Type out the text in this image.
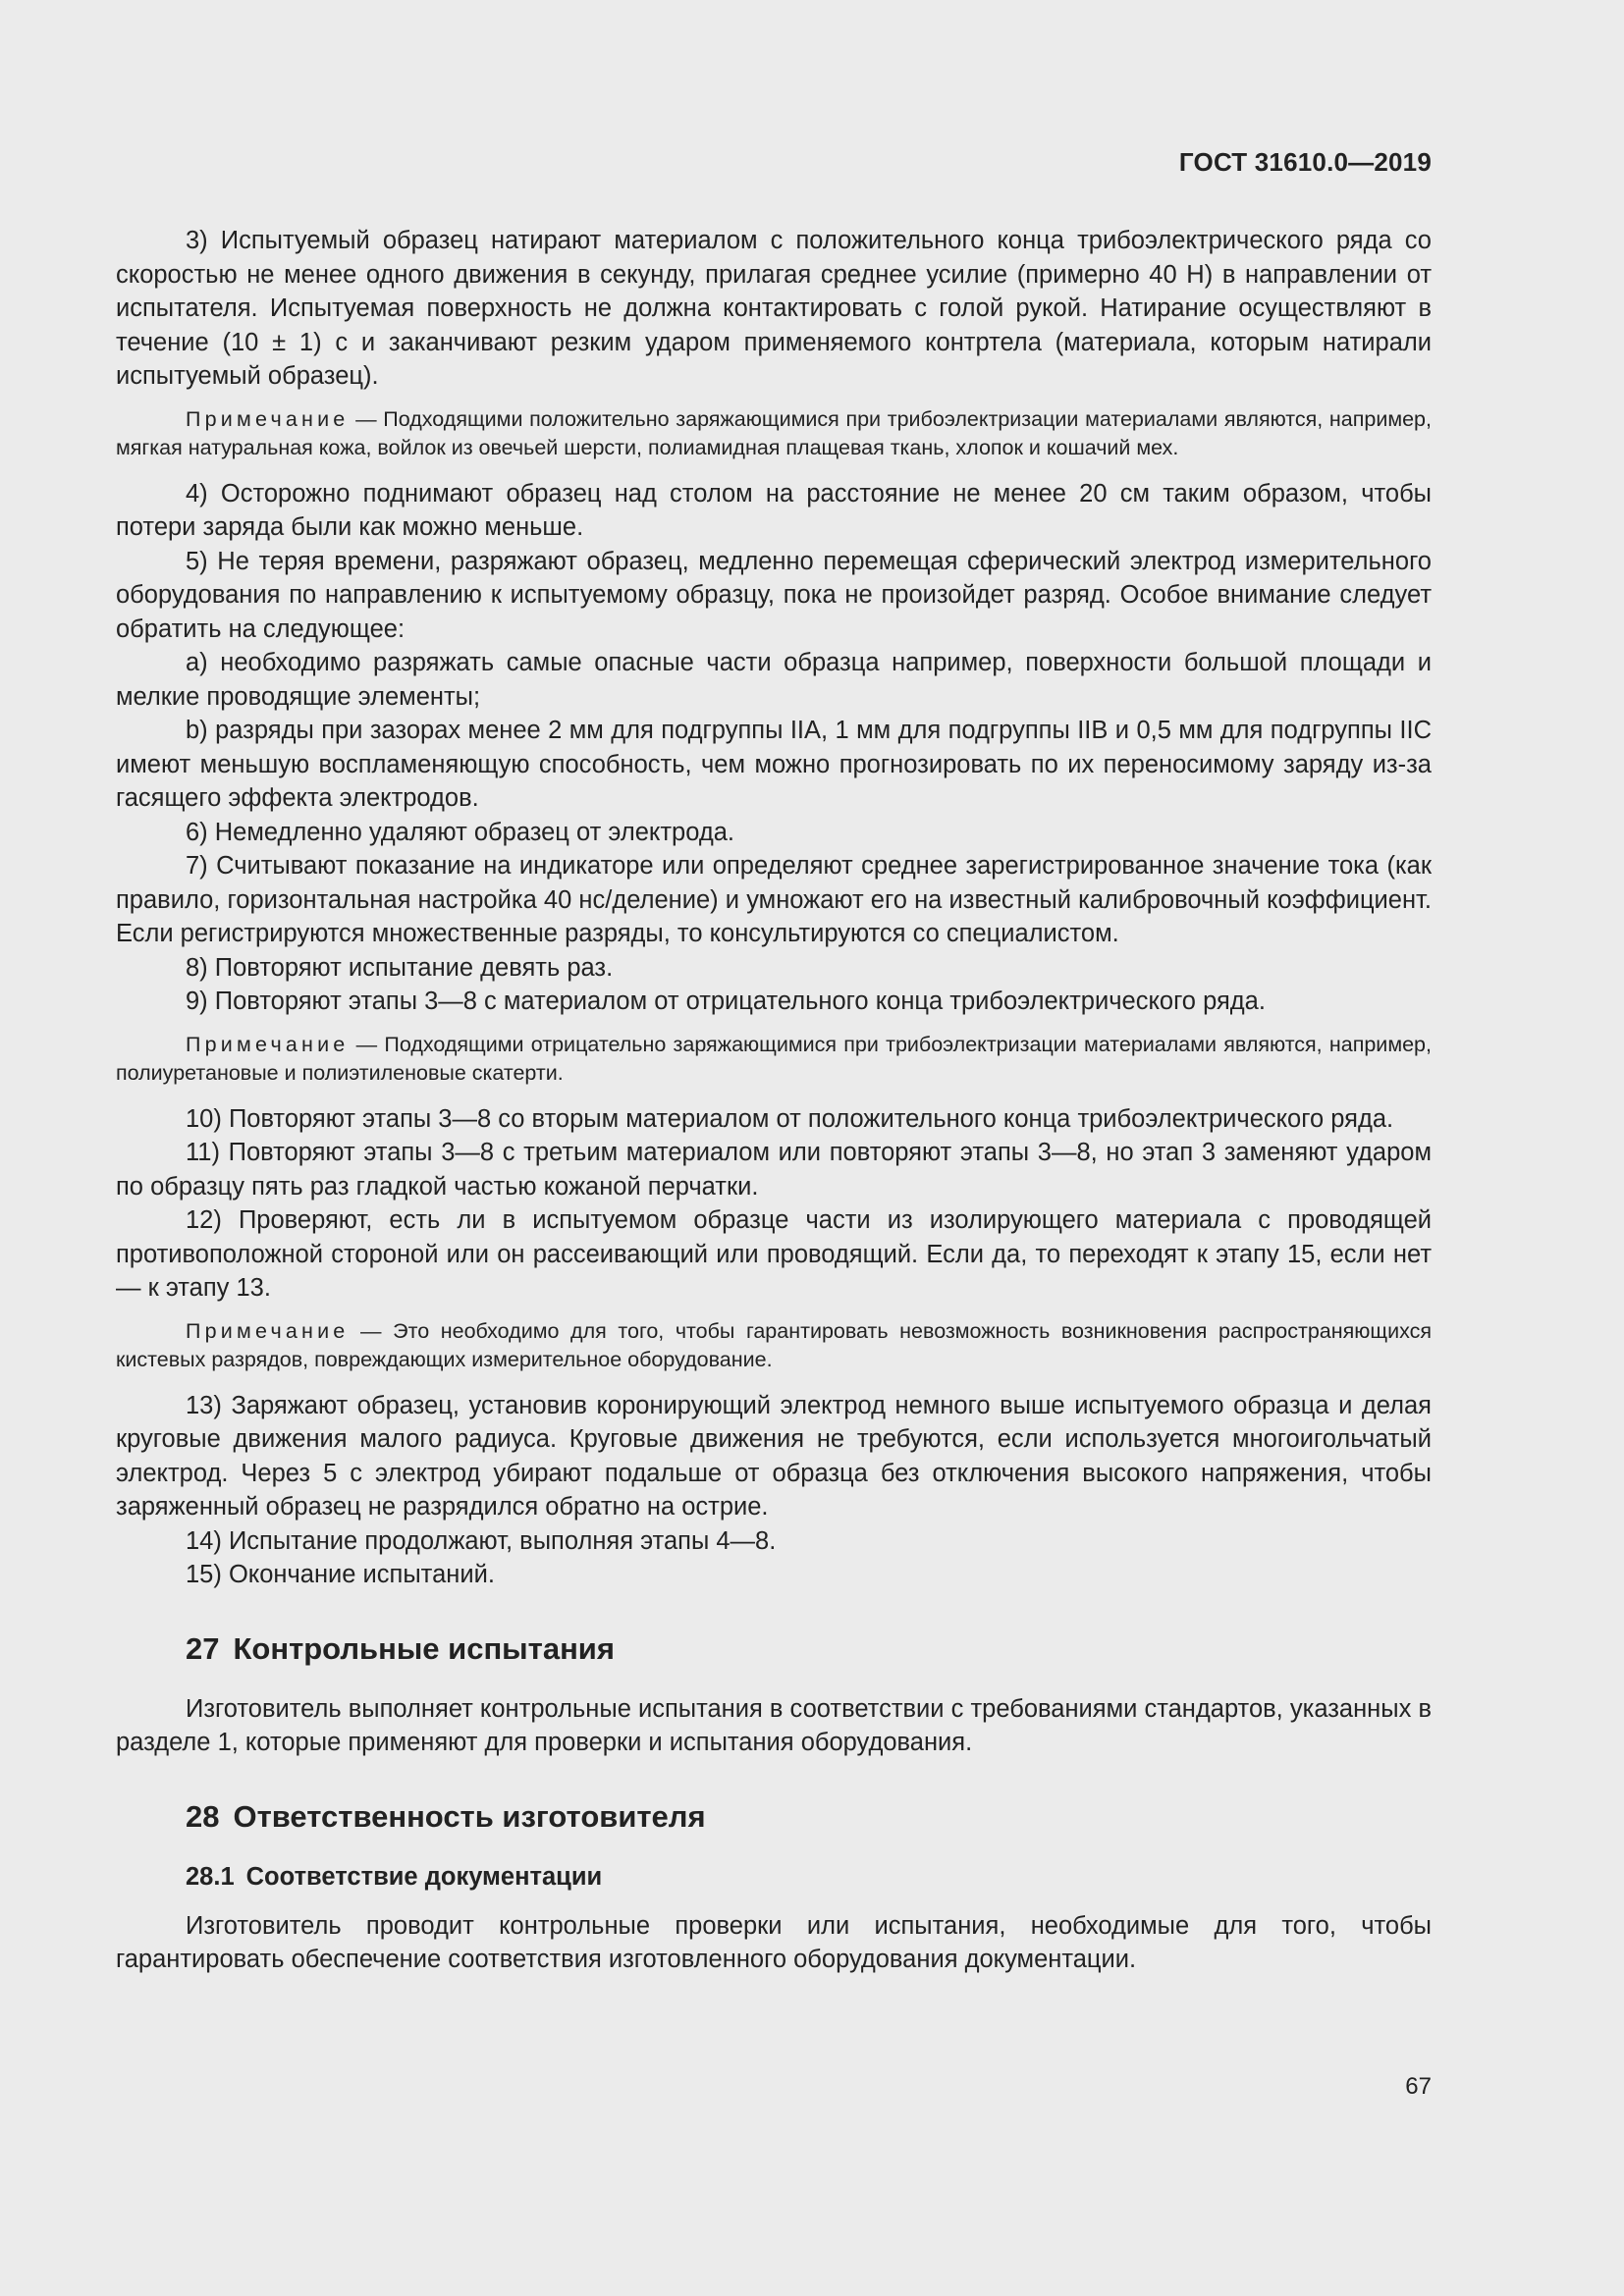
ГОСТ 31610.0—2019

3) Испытуемый образец натирают материалом с положительного конца трибоэлектрического ряда со скоростью не менее одного движения в секунду, прилагая среднее усилие (примерно 40 Н) в направлении от испытателя. Испытуемая поверхность не должна контактировать с голой рукой. Натирание осуществляют в течение (10 ± 1) с и заканчивают резким ударом применяемого контртела (материала, которым натирали испытуемый образец).

Примечание — Подходящими положительно заряжающимися при трибоэлектризации материалами являются, например, мягкая натуральная кожа, войлок из овечьей шерсти, полиамидная плащевая ткань, хлопок и кошачий мех.

4) Осторожно поднимают образец над столом на расстояние не менее 20 см таким образом, чтобы потери заряда были как можно меньше.

5) Не теряя времени, разряжают образец, медленно перемещая сферический электрод измерительного оборудования по направлению к испытуемому образцу, пока не произойдет разряд. Особое внимание следует обратить на следующее:

a) необходимо разряжать самые опасные части образца например, поверхности большой площади и мелкие проводящие элементы;

b) разряды при зазорах менее 2 мм для подгруппы IIA, 1 мм для подгруппы IIB и 0,5 мм для подгруппы IIC имеют меньшую воспламеняющую способность, чем можно прогнозировать по их переносимому заряду из-за гасящего эффекта электродов.

6) Немедленно удаляют образец от электрода.

7) Считывают показание на индикаторе или определяют среднее зарегистрированное значение тока (как правило, горизонтальная настройка 40 нс/деление) и умножают его на известный калибровочный коэффициент. Если регистрируются множественные разряды, то консультируются со специалистом.

8) Повторяют испытание девять раз.

9) Повторяют этапы 3—8 с материалом от отрицательного конца трибоэлектрического ряда.

Примечание — Подходящими отрицательно заряжающимися при трибоэлектризации материалами являются, например, полиуретановые и полиэтиленовые скатерти.

10) Повторяют этапы 3—8 со вторым материалом от положительного конца трибоэлектрического ряда.

11) Повторяют этапы 3—8 с третьим материалом или повторяют этапы 3—8, но этап 3 заменяют ударом по образцу пять раз гладкой частью кожаной перчатки.

12) Проверяют, есть ли в испытуемом образце части из изолирующего материала с проводящей противоположной стороной или он рассеивающий или проводящий. Если да, то переходят к этапу 15, если нет — к этапу 13.

Примечание — Это необходимо для того, чтобы гарантировать невозможность возникновения распространяющихся кистевых разрядов, повреждающих измерительное оборудование.

13) Заряжают образец, установив коронирующий электрод немного выше испытуемого образца и делая круговые движения малого радиуса. Круговые движения не требуются, если используется многоигольчатый электрод. Через 5 с электрод убирают подальше от образца без отключения высокого напряжения, чтобы заряженный образец не разрядился обратно на острие.

14) Испытание продолжают, выполняя этапы 4—8.

15) Окончание испытаний.

27 Контрольные испытания

Изготовитель выполняет контрольные испытания в соответствии с требованиями стандартов, указанных в разделе 1, которые применяют для проверки и испытания оборудования.

28 Ответственность изготовителя
28.1 Соответствие документации

Изготовитель проводит контрольные проверки или испытания, необходимые для того, чтобы гарантировать обеспечение соответствия изготовленного оборудования документации.

67
